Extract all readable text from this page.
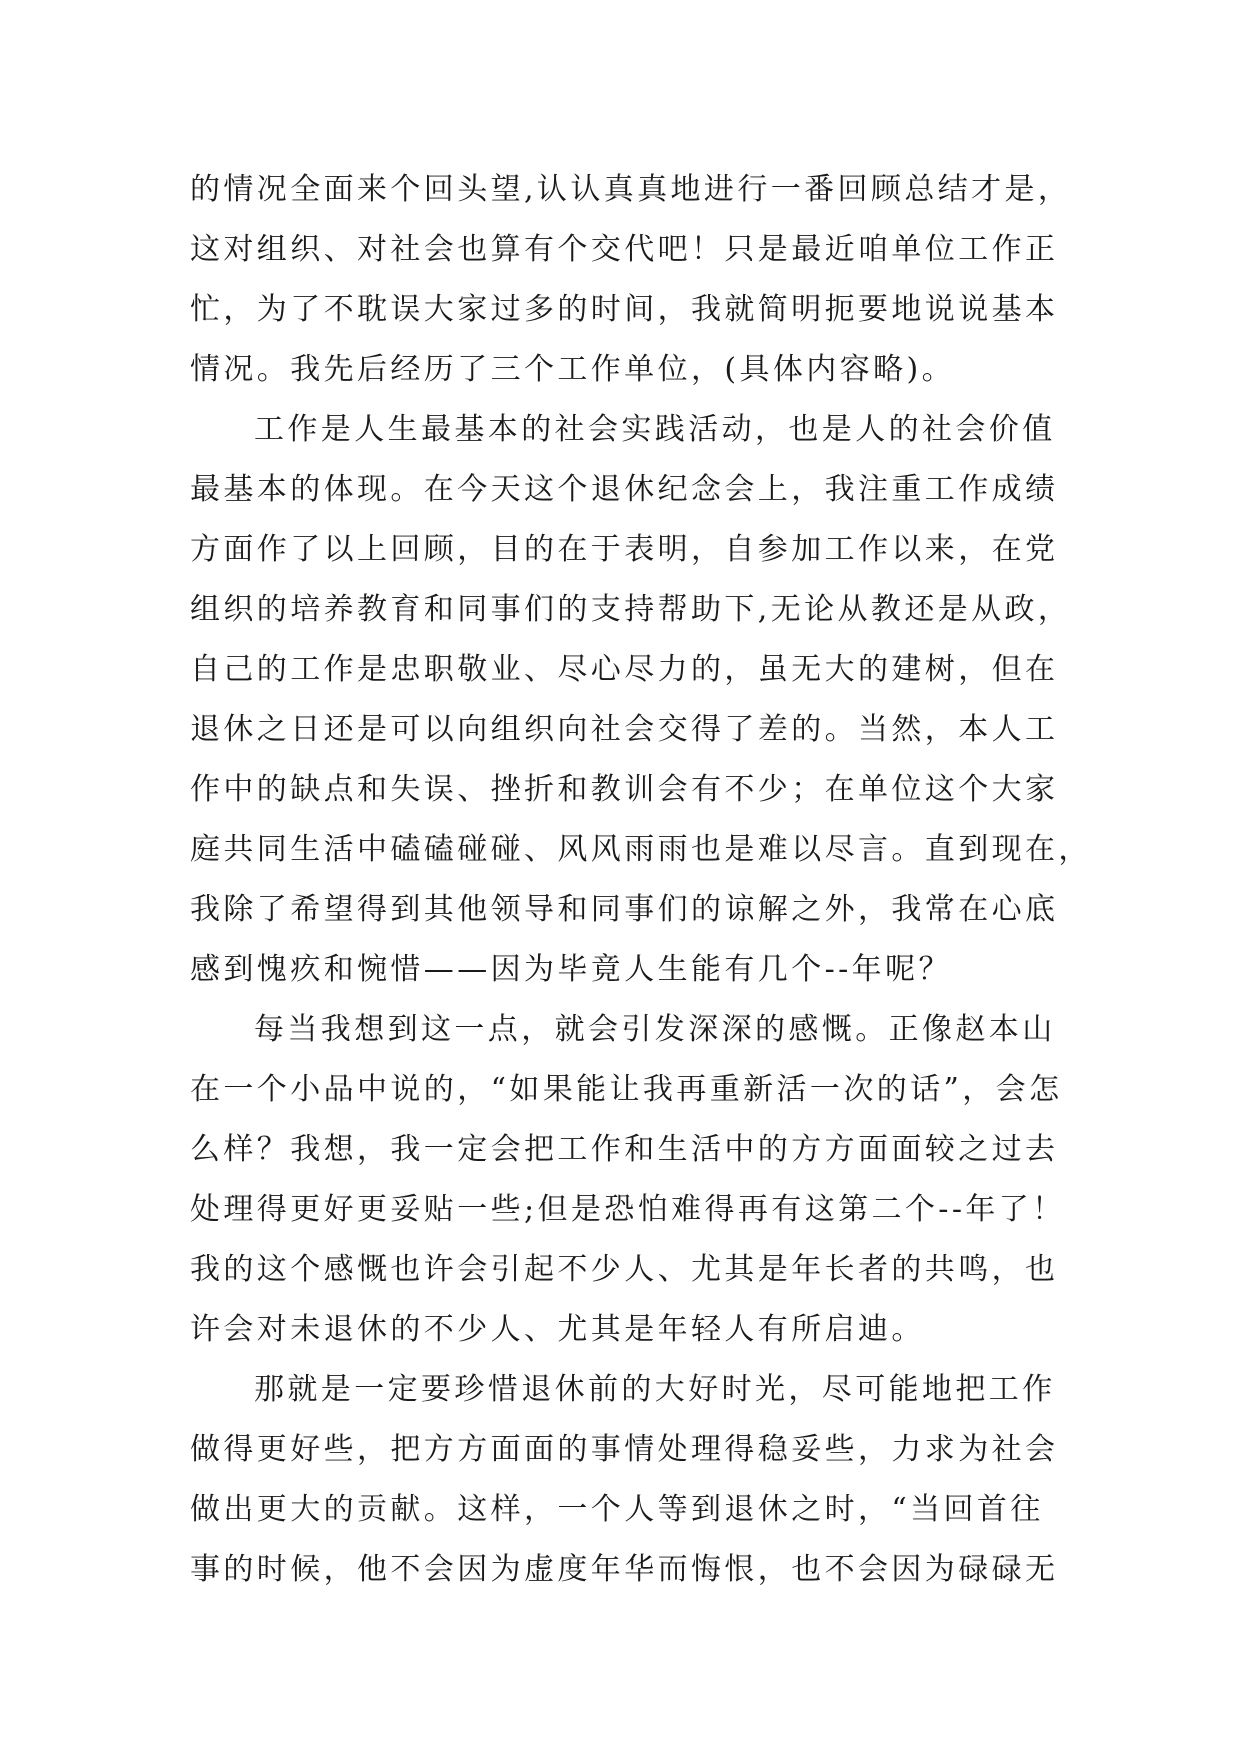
的情况全面来个回头望,认认真真地进行一番回顾总结才是，
这对组织、对社会也算有个交代吧！只是最近咱单位工作正
忙，为了不耽误大家过多的时间，我就简明扼要地说说基本
情况。我先后经历了三个工作单位，(具体内容略)。
工作是人生最基本的社会实践活动，也是人的社会价值
最基本的体现。在今天这个退休纪念会上，我注重工作成绩
方面作了以上回顾，目的在于表明，自参加工作以来，在党
组织的培养教育和同事们的支持帮助下,无论从教还是从政，
自己的工作是忠职敬业、尽心尽力的，虽无大的建树，但在
退休之日还是可以向组织向社会交得了差的。当然，本人工
作中的缺点和失误、挫折和教训会有不少；在单位这个大家
庭共同生活中磕磕碰碰、风风雨雨也是难以尽言。直到现在，
我除了希望得到其他领导和同事们的谅解之外，我常在心底
感到愧疚和惋惜——因为毕竟人生能有几个--年呢？
每当我想到这一点，就会引发深深的感慨。正像赵本山
在一个小品中说的，“如果能让我再重新活一次的话”，会怎
么样？我想，我一定会把工作和生活中的方方面面较之过去
处理得更好更妥贴一些;但是恐怕难得再有这第二个--年了！
我的这个感慨也许会引起不少人、尤其是年长者的共鸣，也
许会对未退休的不少人、尤其是年轻人有所启迪。
那就是一定要珍惜退休前的大好时光，尽可能地把工作
做得更好些，把方方面面的事情处理得稳妥些，力求为社会
做出更大的贡献。这样，一个人等到退休之时，“当回首往
事的时候，他不会因为虚度年华而悔恨，也不会因为碌碌无
